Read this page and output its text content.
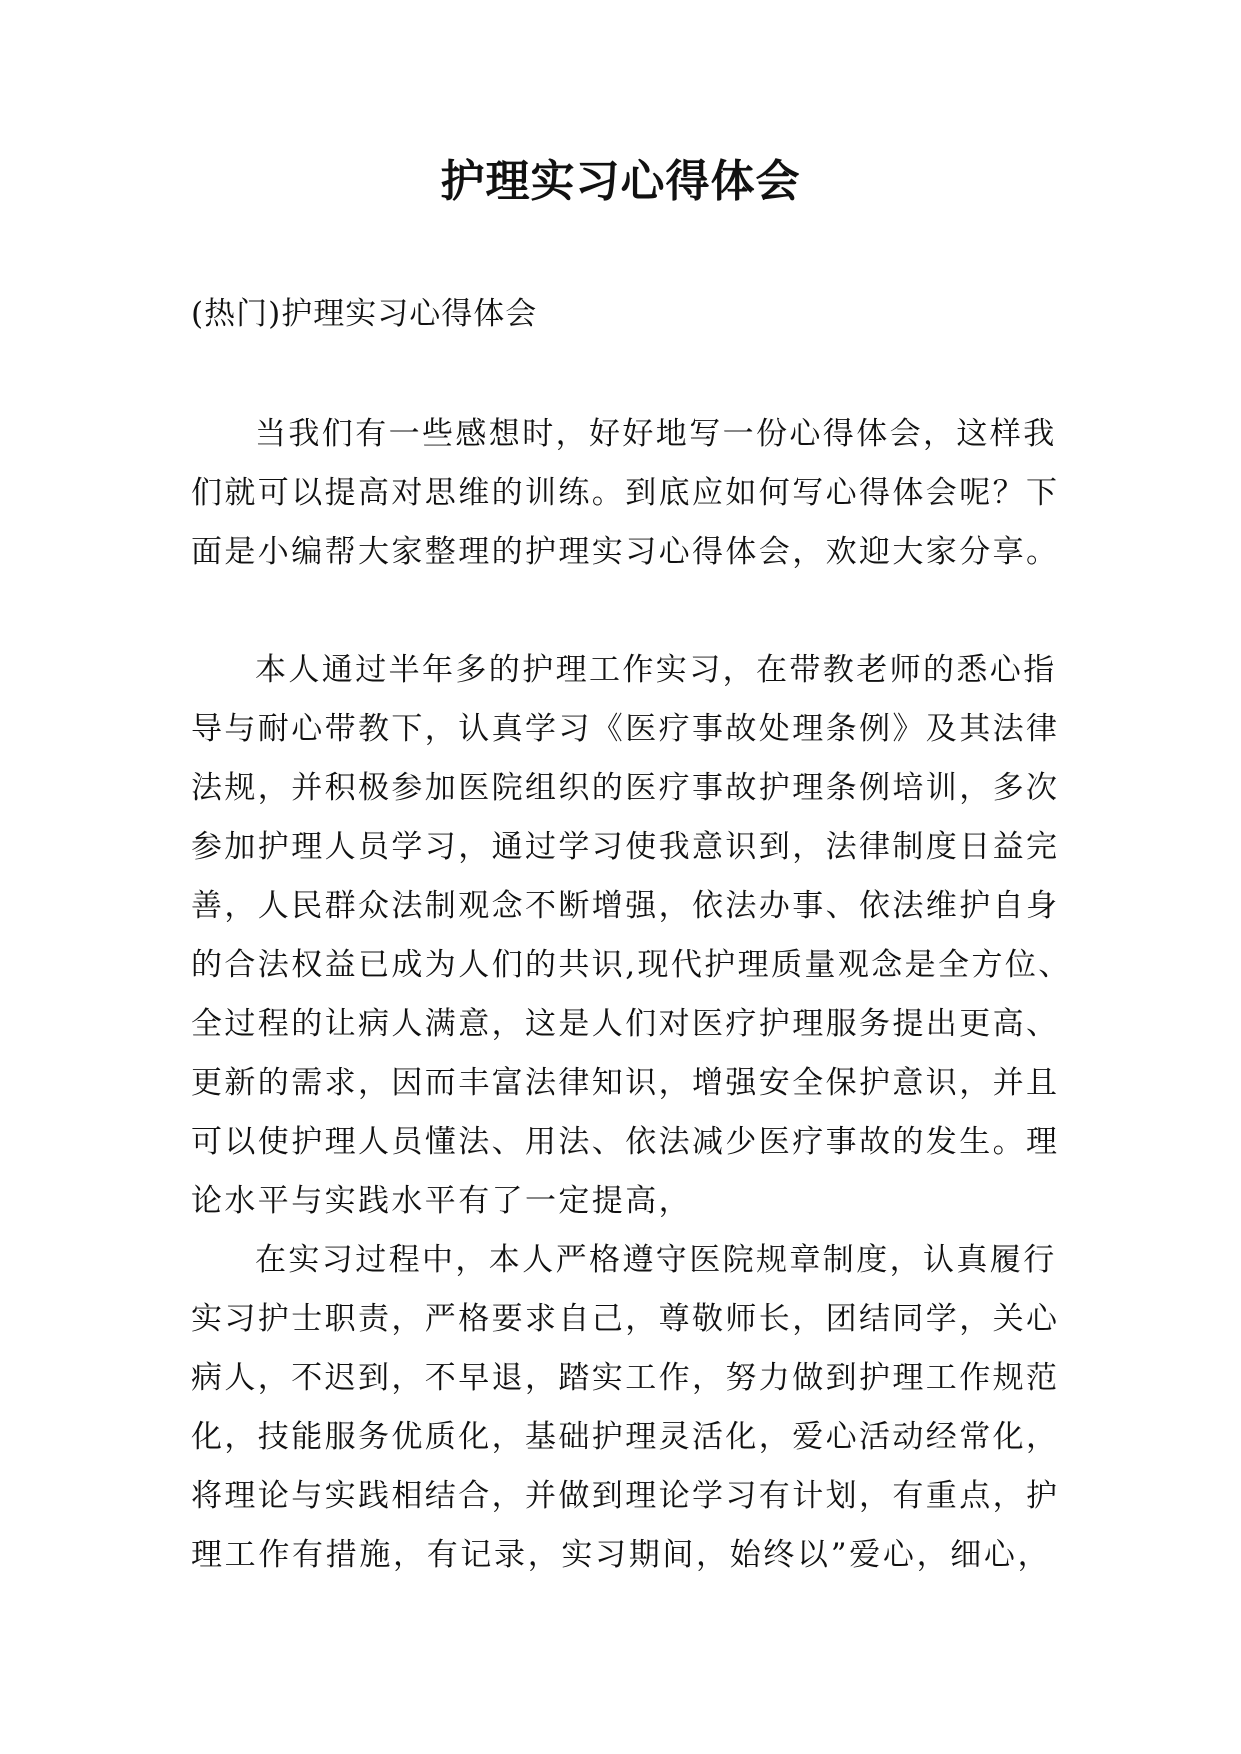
护理实习心得体会

(热门)护理实习心得体会

当我们有一些感想时，好好地写一份心得体会，这样我
们就可以提高对思维的训练。到底应如何写心得体会呢？下
面是小编帮大家整理的护理实习心得体会，欢迎大家分享。
本人通过半年多的护理工作实习，在带教老师的悉心指
导与耐心带教下，认真学习《医疗事故处理条例》及其法律
法规，并积极参加医院组织的医疗事故护理条例培训，多次
参加护理人员学习，通过学习使我意识到，法律制度日益完
善，人民群众法制观念不断增强，依法办事、依法维护自身
的合法权益已成为人们的共识,现代护理质量观念是全方位、
全过程的让病人满意，这是人们对医疗护理服务提出更高、
更新的需求，因而丰富法律知识，增强安全保护意识，并且
可以使护理人员懂法、用法、依法减少医疗事故的发生。理
论水平与实践水平有了一定提高，
在实习过程中，本人严格遵守医院规章制度，认真履行
实习护士职责，严格要求自己，尊敬师长，团结同学，关心
病人，不迟到，不早退，踏实工作，努力做到护理工作规范
化，技能服务优质化，基础护理灵活化，爱心活动经常化，
将理论与实践相结合，并做到理论学习有计划，有重点，护
理工作有措施，有记录，实习期间，始终以”爱心，细心，
